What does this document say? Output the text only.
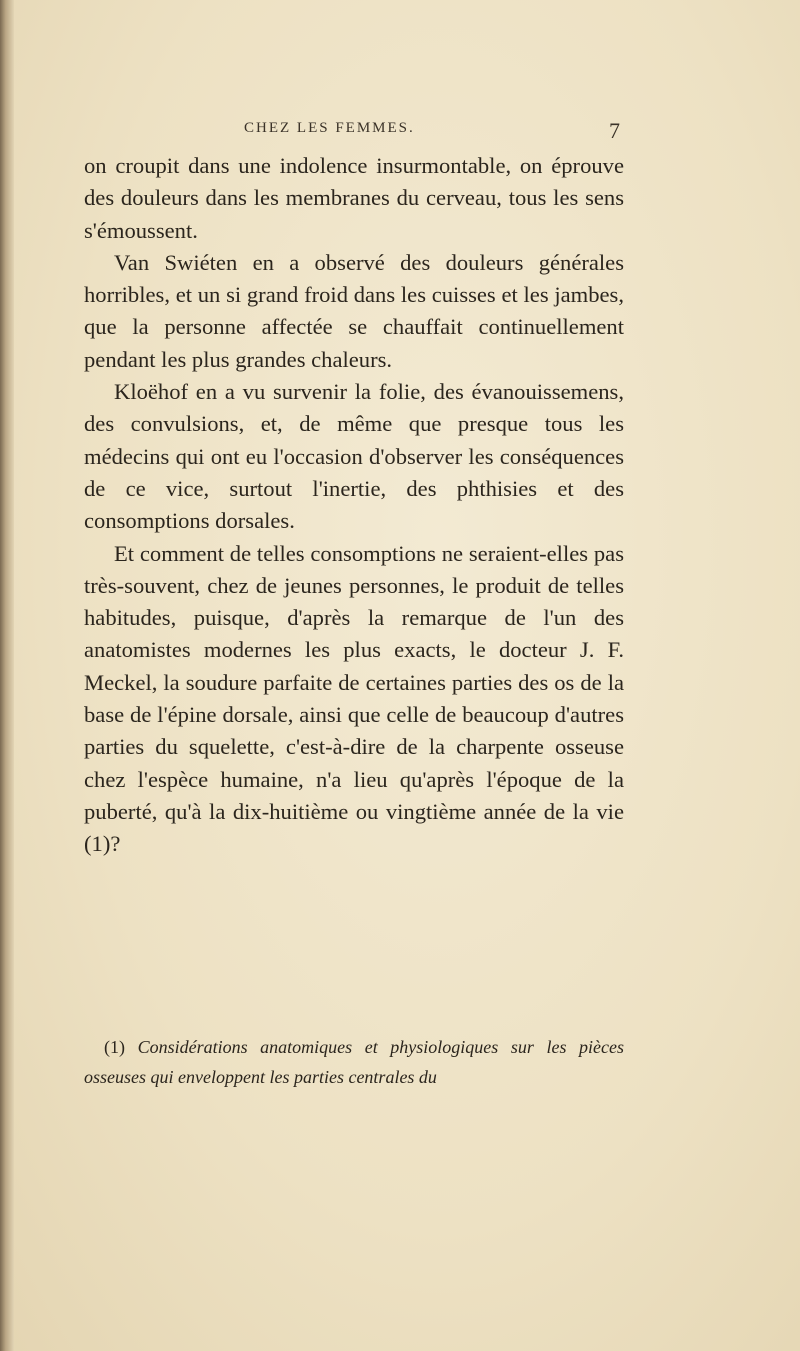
CHEZ LES FEMMES.	7

on croupit dans une indolence insurmontable, on éprouve des douleurs dans les membranes du cerveau, tous les sens s'émoussent.

Van Swiéten en a observé des douleurs générales horribles, et un si grand froid dans les cuisses et les jambes, que la personne affectée se chauffait continuellement pendant les plus grandes chaleurs.

Kloëhof en a vu survenir la folie, des évanouissemens, des convulsions, et, de même que presque tous les médecins qui ont eu l'occasion d'observer les conséquences de ce vice, surtout l'inertie, des phthisies et des consomptions dorsales.

Et comment de telles consomptions ne seraient-elles pas très-souvent, chez de jeunes personnes, le produit de telles habitudes, puisque, d'après la remarque de l'un des anatomistes modernes les plus exacts, le docteur J. F. Meckel, la soudure parfaite de certaines parties des os de la base de l'épine dorsale, ainsi que celle de beaucoup d'autres parties du squelette, c'est-à-dire de la charpente osseuse chez l'espèce humaine, n'a lieu qu'après l'époque de la puberté, qu'à la dix-huitième ou vingtième année de la vie (1)?

(1) Considérations anatomiques et physiologiques sur les pièces osseuses qui enveloppent les parties centrales du
